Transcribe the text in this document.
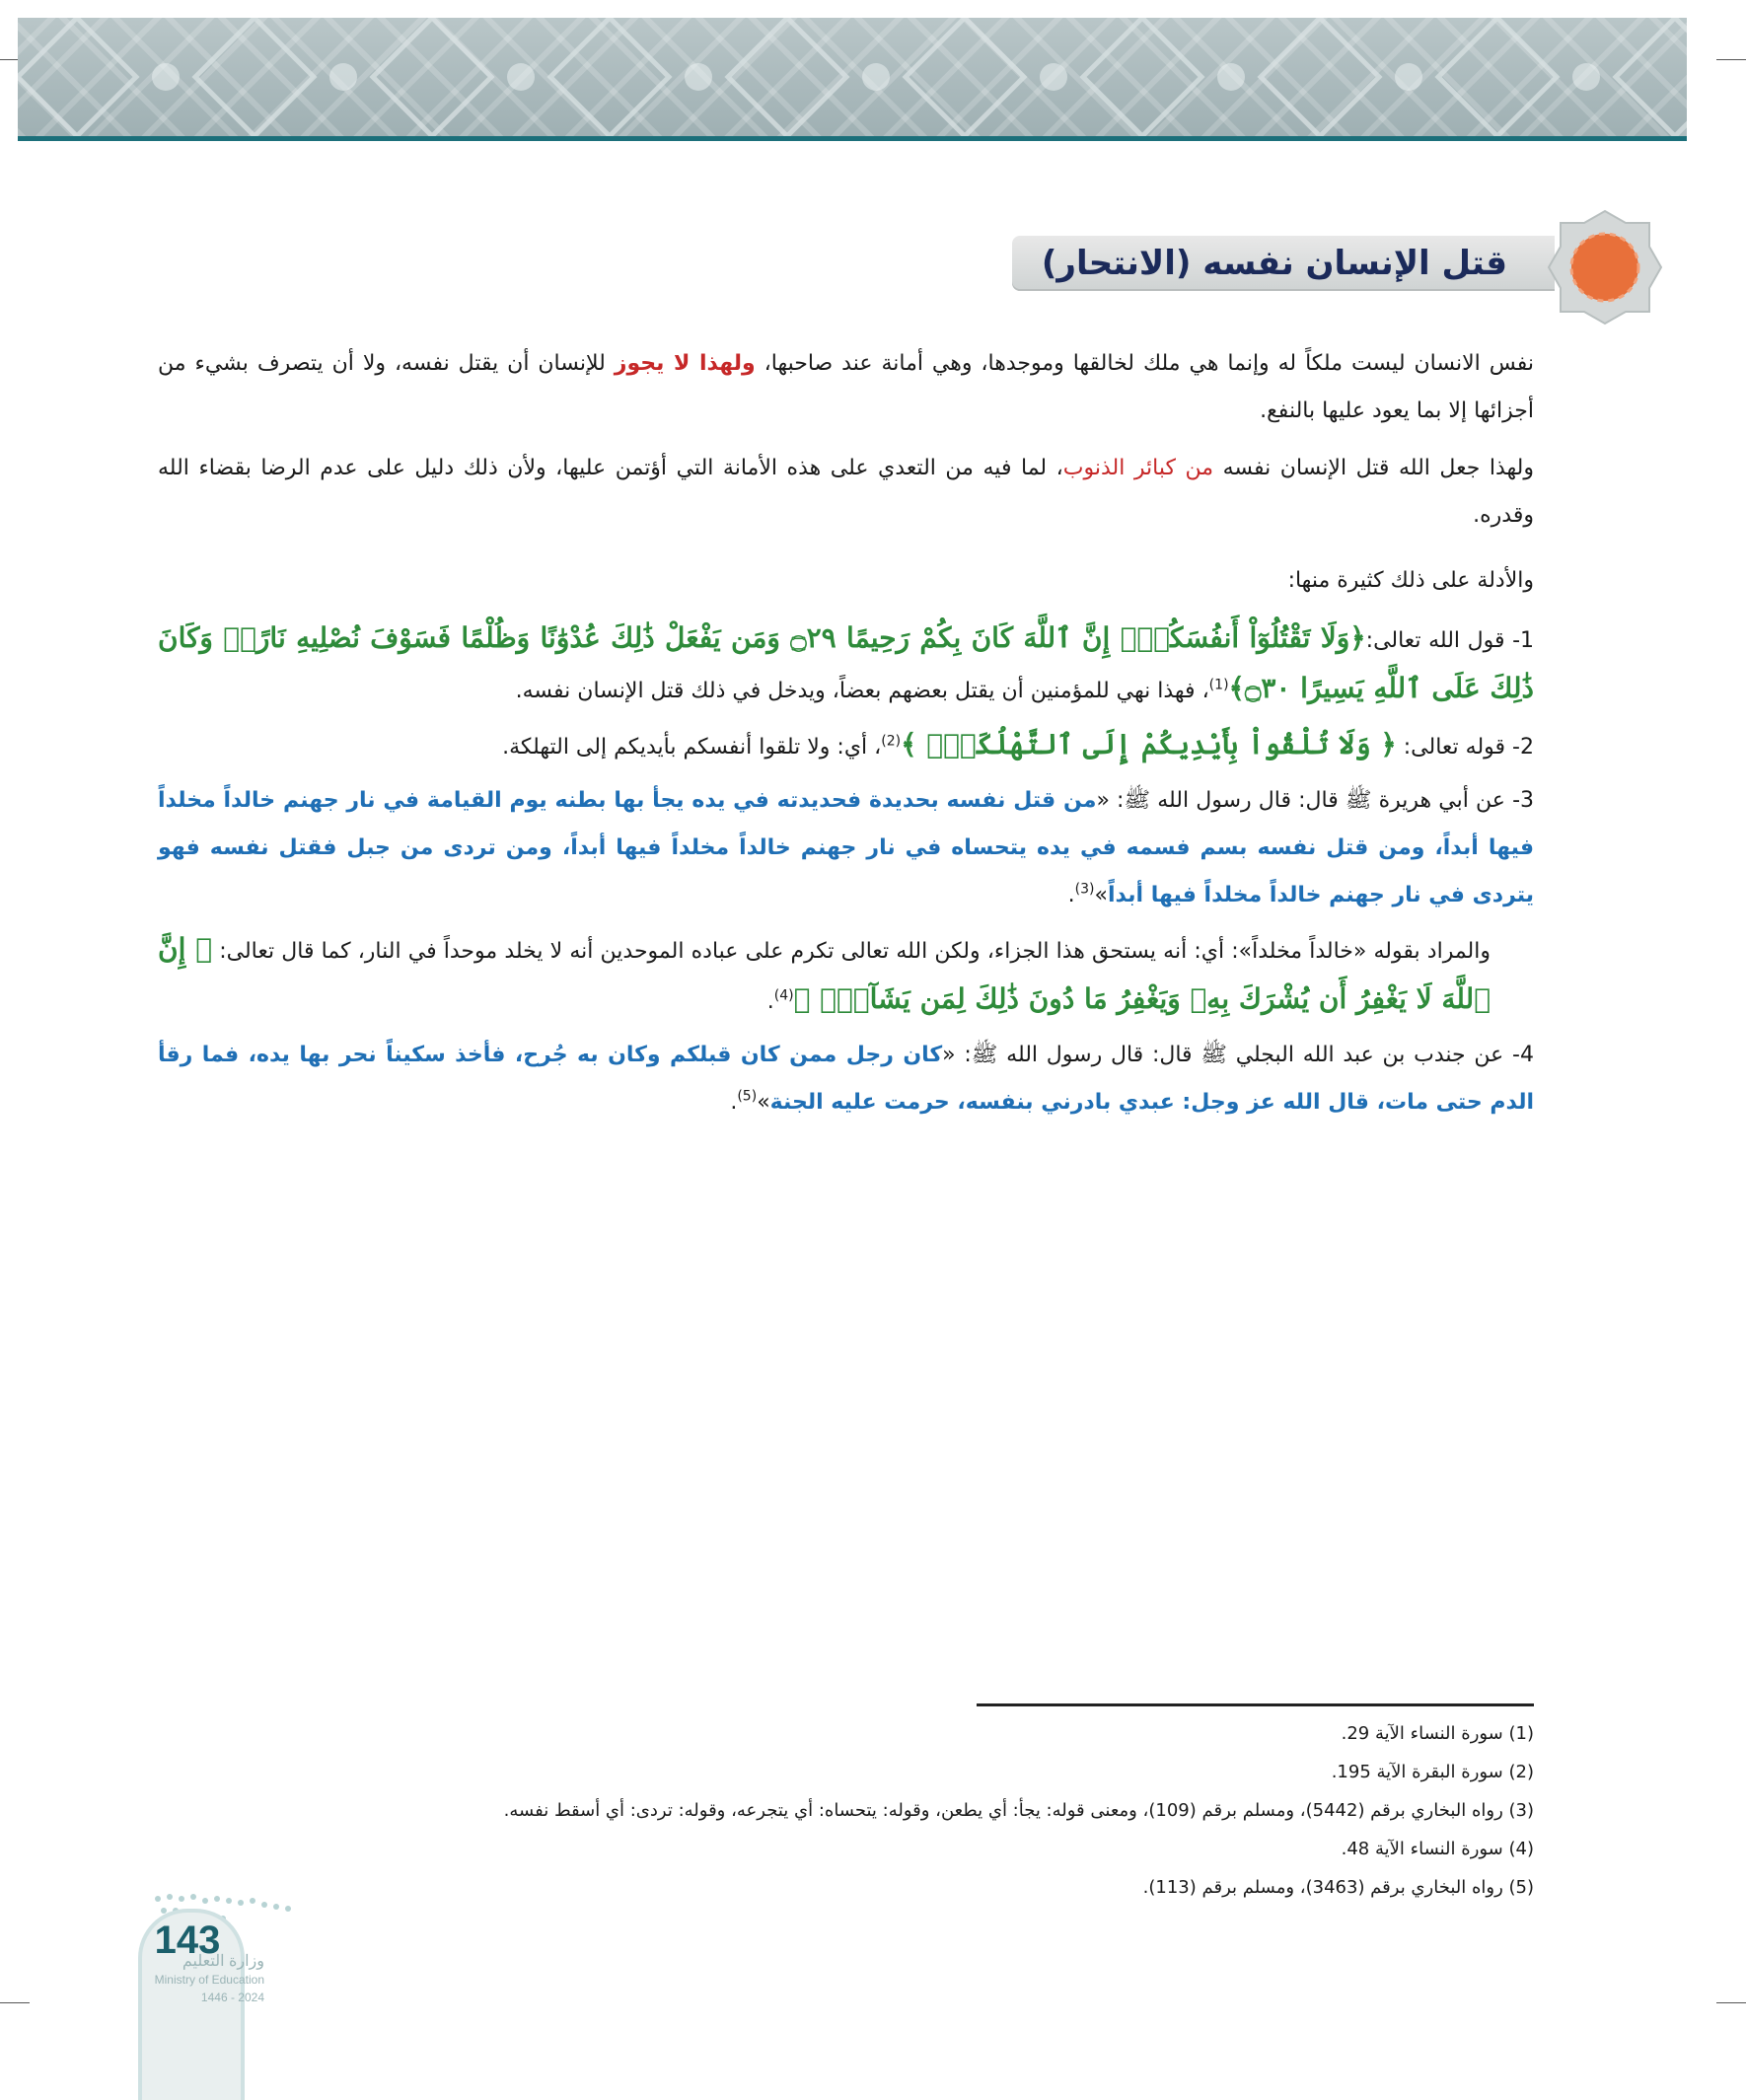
قتل الإنسان نفسه (الانتحار)

نفس الانسان ليست ملكاً له وإنما هي ملك لخالقها وموجدها، وهي أمانة عند صاحبها، ولهذا لا يجوز للإنسان أن يقتل نفسه، ولا أن يتصرف بشيء من أجزائها إلا بما يعود عليها بالنفع.

ولهذا جعل الله قتل الإنسان نفسه من كبائر الذنوب، لما فيه من التعدي على هذه الأمانة التي أؤتمن عليها، ولأن ذلك دليل على عدم الرضا بقضاء الله وقدره.

والأدلة على ذلك كثيرة منها:

1- قول الله تعالى:﴿وَلَا تَقْتُلُوٓاْ أَنفُسَكُمْۚ إِنَّ ٱللَّهَ كَانَ بِكُمْ رَحِيمًا ۝٢٩ وَمَن يَفْعَلْ ذَٰلِكَ عُدْوَٰنًا وَظُلْمًا فَسَوْفَ نُصْلِيهِ نَارًاۚ وَكَانَ ذَٰلِكَ عَلَى ٱللَّهِ يَسِيرًا ۝٣٠﴾$^{(1)}$، فهذا نهي للمؤمنين أن يقتل بعضهم بعضاً، ويدخل في ذلك قتل الإنسان نفسه.
2- قوله تعالى: ﴿ وَلَا تُلْقُواْ بِأَيْدِيكُمْ إِلَى ٱلتَّهْلُكَةِۛ ﴾$^{(2)}$، أي: ولا تلقوا أنفسكم بأيديكم إلى التهلكة.
3- عن أبي هريرة ﷺ قال: قال رسول الله ﷺ: «من قتل نفسه بحديدة فحديدته في يده يجأ بها بطنه يوم القيامة في نار جهنم خالداً مخلداً فيها أبداً، ومن قتل نفسه بسم فسمه في يده يتحساه في نار جهنم خالداً مخلداً فيها أبداً، ومن تردى من جبل فقتل نفسه فهو يتردى في نار جهنم خالداً مخلداً فيها أبداً»$^{(3)}$.
والمراد بقوله «خالداً مخلداً»: أي: أنه يستحق هذا الجزاء، ولكن الله تعالى تكرم على عباده الموحدين أنه لا يخلد موحداً في النار، كما قال تعالى: ﴿ إِنَّ ٱللَّهَ لَا يَغْفِرُ أَن يُشْرَكَ بِهِۦ وَيَغْفِرُ مَا دُونَ ذَٰلِكَ لِمَن يَشَآءُۚ ﴾$^{(4)}$.
4- عن جندب بن عبد الله البجلي ﷺ قال: قال رسول الله ﷺ: «كان رجل ممن كان قبلكم وكان به جُرح، فأخذ سكيناً نحر بها يده، فما رقأ الدم حتى مات، قال الله عز وجل: عبدي بادرني بنفسه، حرمت عليه الجنة»$^{(5)}$.
(1) سورة النساء الآية 29.
(2) سورة البقرة الآية 195.
(3) رواه البخاري برقم (5442)، ومسلم برقم (109)، ومعنى قوله: يجأ: أي يطعن، وقوله: يتحساه: أي يتجرعه، وقوله: تردى: أي أسقط نفسه.
(4) سورة النساء الآية 48.
(5) رواه البخاري برقم (3463)، ومسلم برقم (113).
143
وزارة التعليم
Ministry of Education
2024 - 1446
